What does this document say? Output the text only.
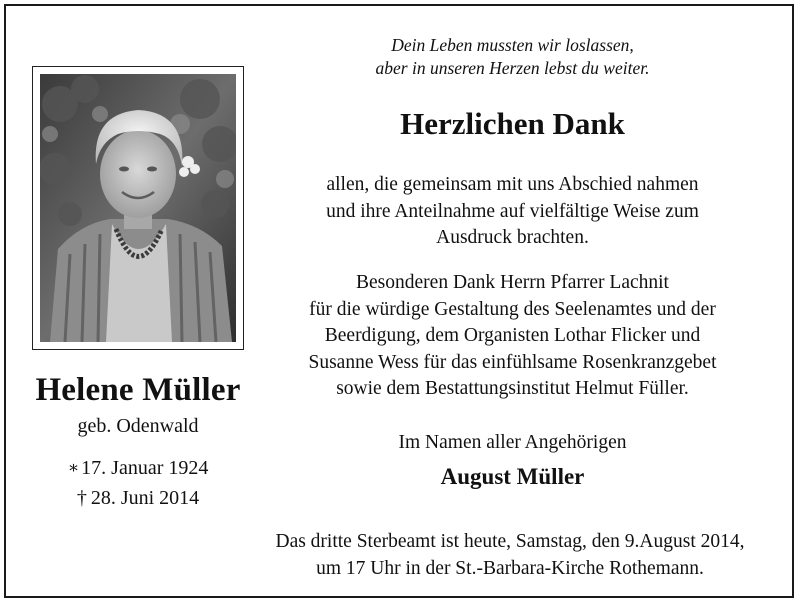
Helene Müller
geb. Odenwald
∗ 17. Januar 1924
† 28. Juni 2014
Dein Leben mussten wir loslassen,
aber in unseren Herzen lebst du weiter.
Herzlichen Dank
allen, die gemeinsam mit uns Abschied nahmen
und ihre Anteilnahme auf vielfältige Weise zum
Ausdruck brachten.
Besonderen Dank Herrn Pfarrer Lachnit
für die würdige Gestaltung des Seelenamtes und der
Beerdigung, dem Organisten Lothar Flicker und
Susanne Wess für das einfühlsame Rosenkranzgebet
sowie dem Bestattungsinstitut Helmut Füller.
Im Namen aller Angehörigen
August Müller
Das dritte Sterbeamt ist heute, Samstag, den 9.August 2014,
um 17 Uhr in der St.-Barbara-Kirche Rothemann.
